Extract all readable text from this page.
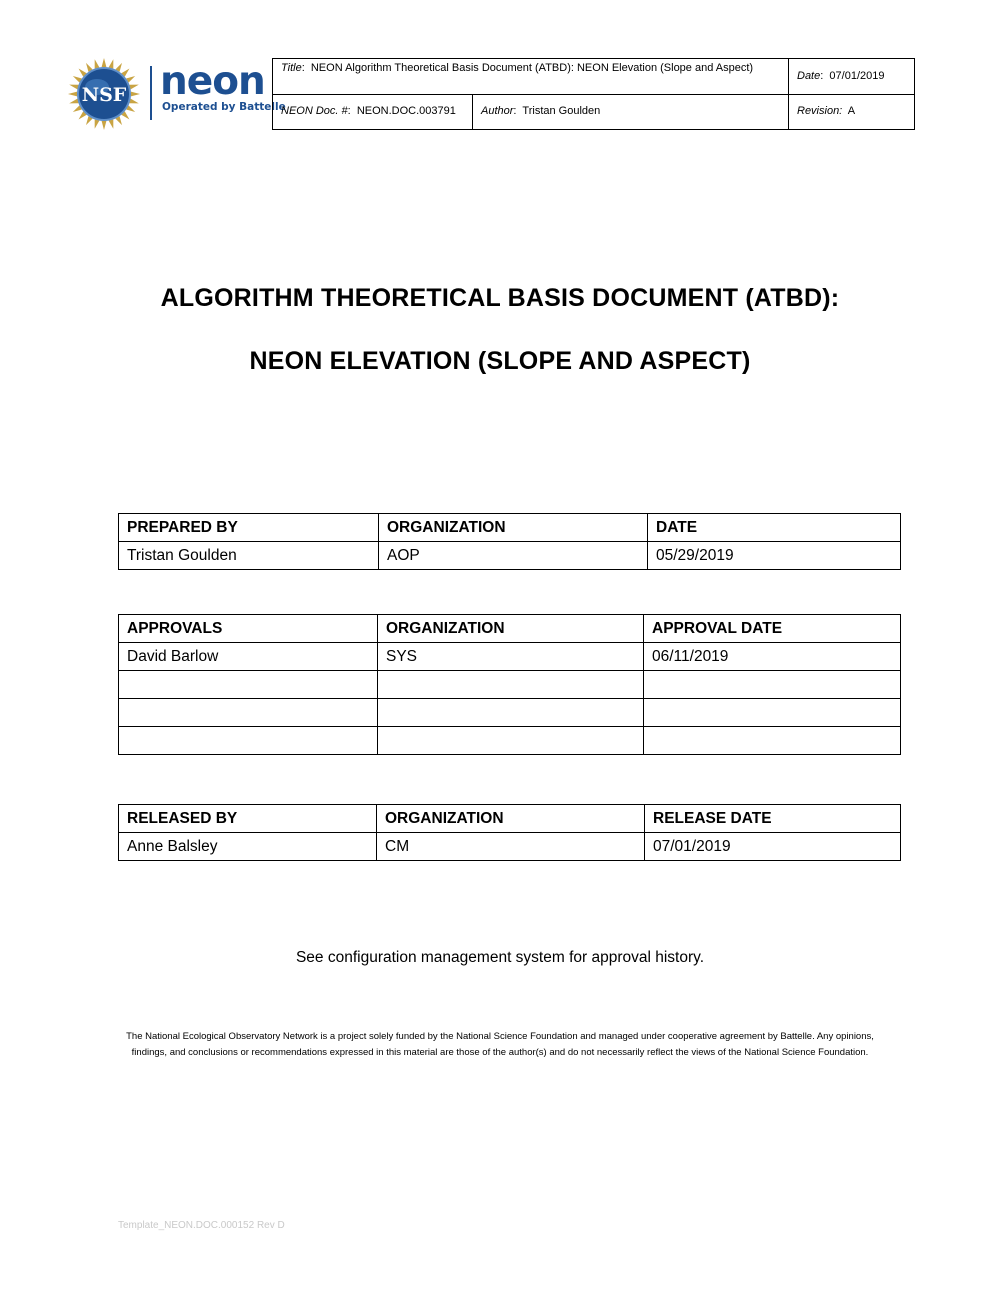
NSF neon
Operated by Battelle
Title:  NEON Algorithm Theoretical Basis Document (ATBD): NEON Elevation (Slope and Aspect)
Date:  07/01/2019
NEON Doc. #:  NEON.DOC.003791	Author:  Tristan Goulden	Revision: A
ALGORITHM THEORETICAL BASIS DOCUMENT (ATBD):
NEON ELEVATION (SLOPE AND ASPECT)
PREPARED BY	ORGANIZATION	DATE
Tristan Goulden	AOP	05/29/2019
APPROVALS	ORGANIZATION	APPROVAL DATE
David Barlow	SYS	06/11/2019

RELEASED BY	ORGANIZATION	RELEASE DATE
Anne Balsley	CM	07/01/2019
See configuration management system for approval history.
The National Ecological Observatory Network is a project solely funded by the National Science Foundation and managed under cooperative agreement by Battelle. Any opinions, findings, and conclusions or recommendations expressed in this material are those of the author(s) and do not necessarily reflect the views of the National Science Foundation.
Template_NEON.DOC.000152 Rev D
